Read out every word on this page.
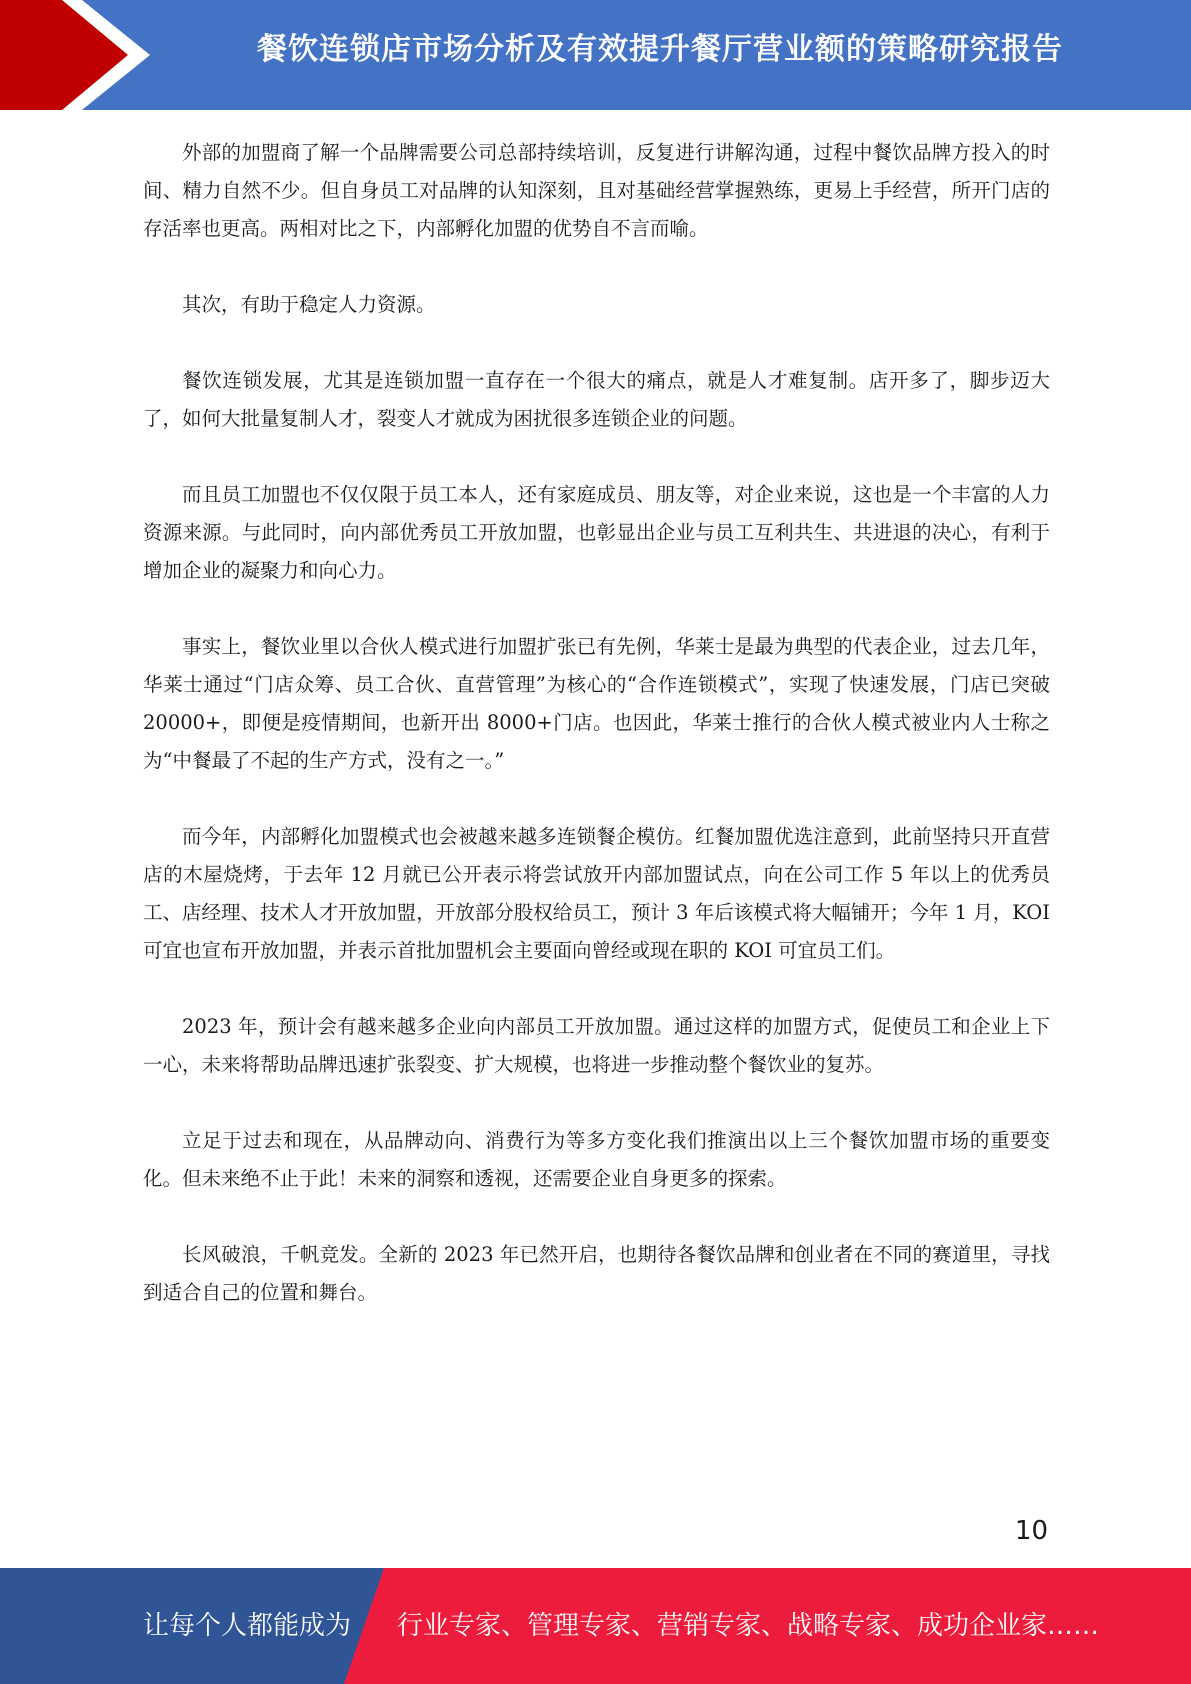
餐饮连锁店市场分析及有效提升餐厅营业额的策略研究报告

外部的加盟商了解一个品牌需要公司总部持续培训，反复进行讲解沟通，过程中餐饮品牌方投入的时间、精力自然不少。但自身员工对品牌的认知深刻，且对基础经营掌握熟练，更易上手经营，所开门店的存活率也更高。两相对比之下，内部孵化加盟的优势自不言而喻。

其次，有助于稳定人力资源。

餐饮连锁发展，尤其是连锁加盟一直存在一个很大的痛点，就是人才难复制。店开多了，脚步迈大了，如何大批量复制人才，裂变人才就成为困扰很多连锁企业的问题。

而且员工加盟也不仅仅限于员工本人，还有家庭成员、朋友等，对企业来说，这也是一个丰富的人力资源来源。与此同时，向内部优秀员工开放加盟，也彰显出企业与员工互利共生、共进退的决心，有利于增加企业的凝聚力和向心力。

事实上，餐饮业里以合伙人模式进行加盟扩张已有先例，华莱士是最为典型的代表企业，过去几年，华莱士通过“门店众筹、员工合伙、直营管理”为核心的“合作连锁模式”，实现了快速发展，门店已突破 20000+，即便是疫情期间，也新开出 8000+门店。也因此，华莱士推行的合伙人模式被业内人士称之为“中餐最了不起的生产方式，没有之一。”

而今年，内部孵化加盟模式也会被越来越多连锁餐企模仿。红餐加盟优选注意到，此前坚持只开直营店的木屋烧烤，于去年 12 月就已公开表示将尝试放开内部加盟试点，向在公司工作 5 年以上的优秀员工、店经理、技术人才开放加盟，开放部分股权给员工，预计 3 年后该模式将大幅铺开；今年 1 月，KOI 可宜也宣布开放加盟，并表示首批加盟机会主要面向曾经或现在职的 KOI 可宜员工们。

2023 年，预计会有越来越多企业向内部员工开放加盟。通过这样的加盟方式，促使员工和企业上下一心，未来将帮助品牌迅速扩张裂变、扩大规模，也将进一步推动整个餐饮业的复苏。

立足于过去和现在，从品牌动向、消费行为等多方变化我们推演出以上三个餐饮加盟市场的重要变化。但未来绝不止于此！未来的洞察和透视，还需要企业自身更多的探索。

长风破浪，千帆竞发。全新的 2023 年已然开启，也期待各餐饮品牌和创业者在不同的赛道里，寻找到适合自己的位置和舞台。

10
让每个人都能成为 行业专家、管理专家、营销专家、战略专家、成功企业家……
